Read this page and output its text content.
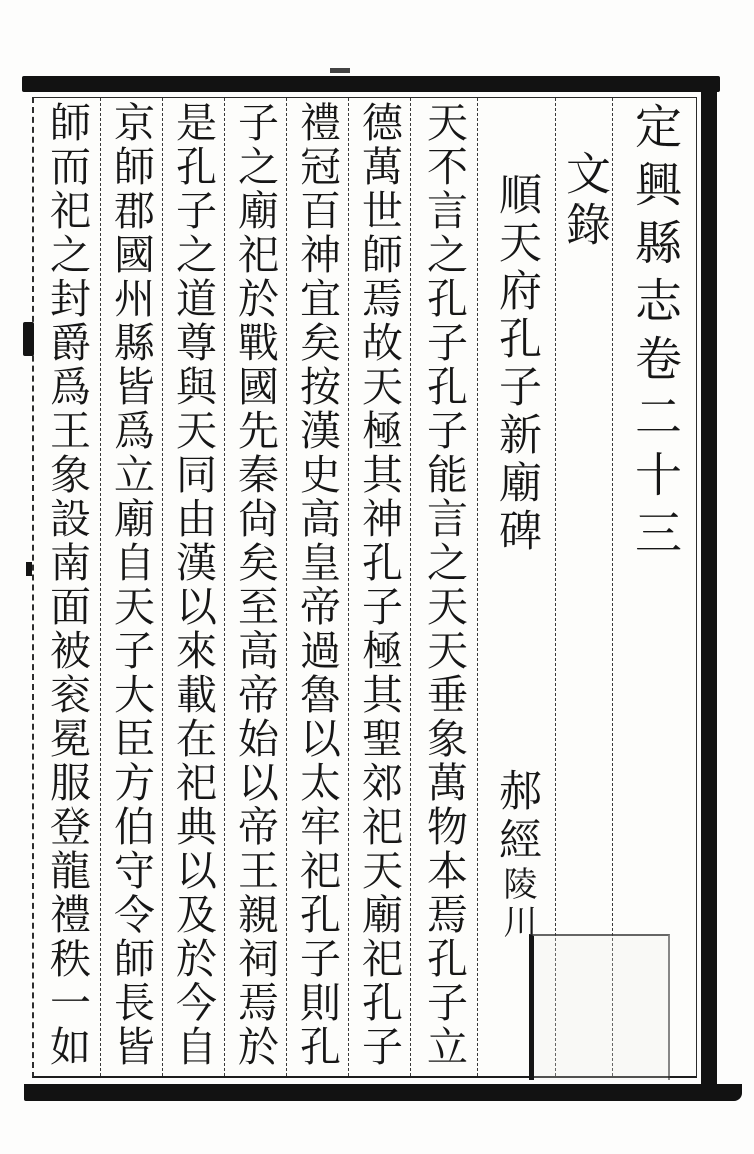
定興縣志卷二十三
文錄
順天府孔子新廟碑郝經陵川
天不言之孔子孔子能言之天天垂象萬物本焉孔子立
德萬世師焉故天極其神孔子極其聖郊祀天廟祀孔子
禮冠百神宜矣按漢史高皇帝過魯以太牢祀孔子則孔
子之廟祀於戰國先秦尙矣至高帝始以帝王親祠焉於
是孔子之道尊與天同由漢以來載在祀典以及於今自
京師郡國州縣皆爲立廟自天子大臣方伯守令師長皆
師而祀之封爵爲王象設南面被衮冕服登龍禮秩一如
